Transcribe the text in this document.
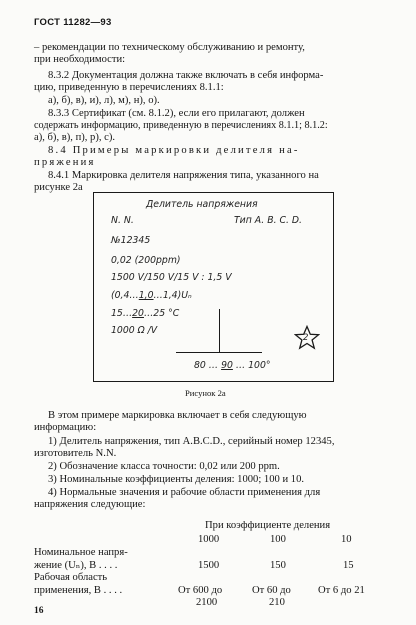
ГОСТ 11282—93
– рекомендации по техническому обслуживанию и ремонту,
при необходимости:
8.3.2 Документация должна также включать в себя информа-
цию, приведенную в перечислениях 8.1.1:
а), б), в), и), л), м), н), о).
8.3.3 Сертификат (см. 8.1.2), если его прилагают, должен
содержать информацию, приведенную в перечислениях 8.1.1; 8.1.2:
а), б), в), п), р), с).
8.4 Примеры маркировки делителя на-
пряжения
8.4.1 Маркировка делителя напряжения типа, указанного на
рисунке 2а
Делитель напряжения
N. N.	Тип A. B. C. D.
№12345
0,02 (200ppm)
1500 V/150 V/15 V : 1,5 V
(0,4…1,0…1,4)Uₙ
15…20…25 °C
1000 Ω /V
80 … 90 … 100°
2
Рисунок 2а
В этом примере маркировка включает в себя следующую
информацию:
1) Делитель напряжения, тип A.B.C.D., серийный номер 12345,
изготовитель N.N.
2) Обозначение класса точности: 0,02 или 200 ppm.
3) Номинальные коэффициенты деления: 1000; 100 и 10.
4) Нормальные значения и рабочие области применения для
напряжения следующие:
При коэффициенте деления
1000	100	10
Номинальное напря-
жение (Uₙ), В . . . .	1500	150	15
Рабочая область
применения, В . . . .	От 600 до	От 60 до	От 6 до 21
2100	210
16
